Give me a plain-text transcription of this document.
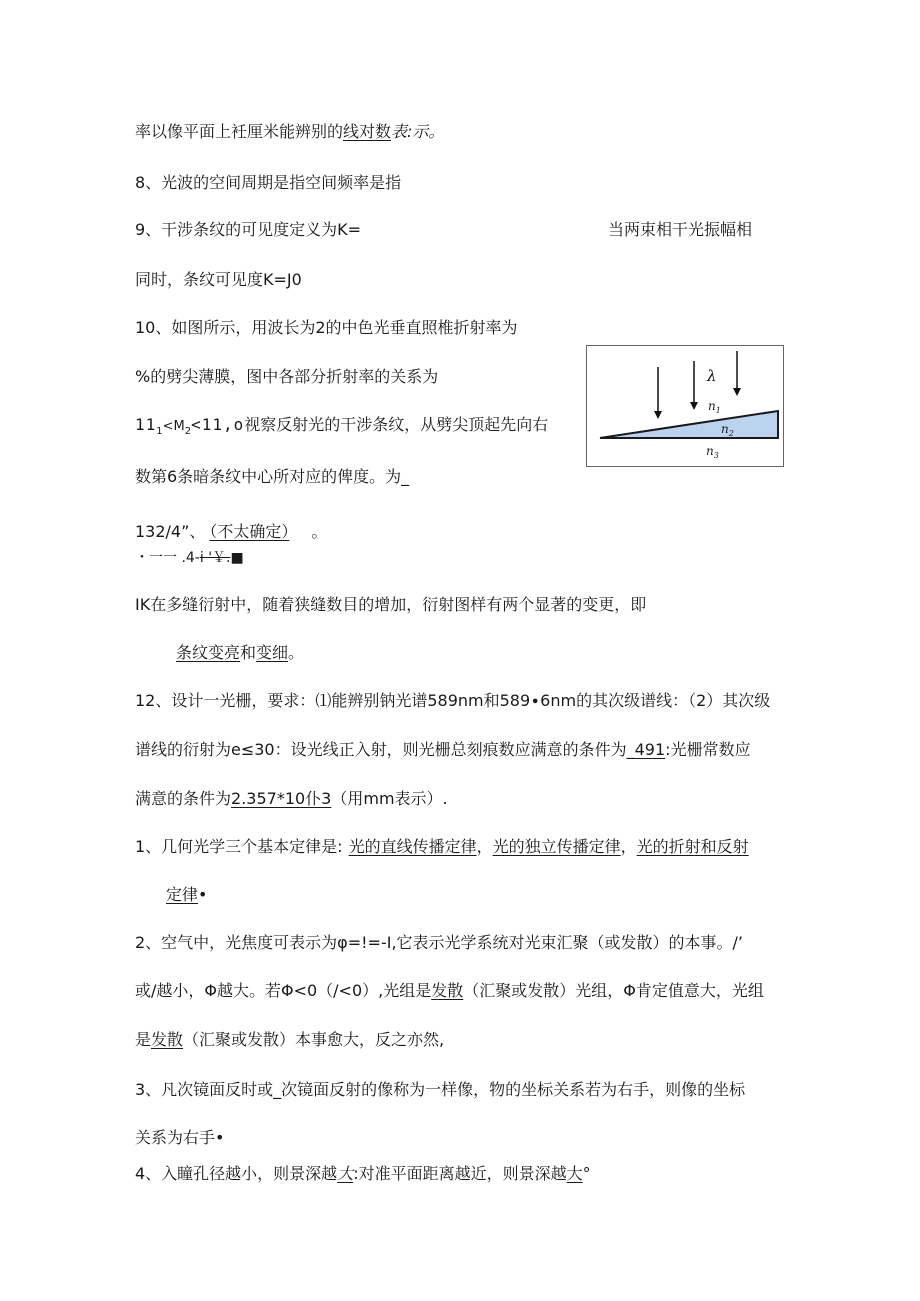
率以像平面上衽厘米能辨别的线对数表:示。
8、光波的空间周期是指空间频率是指
9、干涉条纹的可见度定义为K=	当两束相干光振幅相
同时，条纹可见度K=J0
10、如图所示，用波长为2的中色光垂直照椎折射率为
%的劈尖薄膜，图中各部分折射率的关系为
$11_1<M_2<11,o$视察反射光的干涉条纹，从劈尖顶起先向右
数第6条暗条纹中心所对应的俾度。为_
132/4”、 （不太确定） 。
・一一 .4-i '￥.■
λ
$n_1$
$n_2$
$n_3$
IK在多缝衍射中，随着狭缝数目的增加，衍射图样有两个显著的变更，即
条纹变亮和变细。
12、设计一光栅，要求：⑴能辨别钠光谱589nm和589∙6nm的其次级谱线：（2）其次级
谱线的衍射为e≤30：设光线正入射，则光栅总刻痕数应满意的条件为_491:光栅常数应
满意的条件为2.357*10仆3（用mm表示）.
1、几何光学三个基本定律是: 光的直线传播定律，光的独立传播定律，光的折射和反射
定律•
2、空气中，光焦度可表示为φ=!=-I,它表示光学系统对光束汇聚（或发散）的本事。/’
或/越小，Φ越大。若Φ<0（/<0）,光组是发散（汇聚或发散）光组，Φ肯定值意大，光组
是发散（汇聚或发散）本事愈大，反之亦然,
3、凡次镜面反时或_次镜面反射的像称为一样像，物的坐标关系若为右手，则像的坐标
关系为右手•
4、入瞳孔径越小，则景深越大:对准平面距离越近，则景深越大°
